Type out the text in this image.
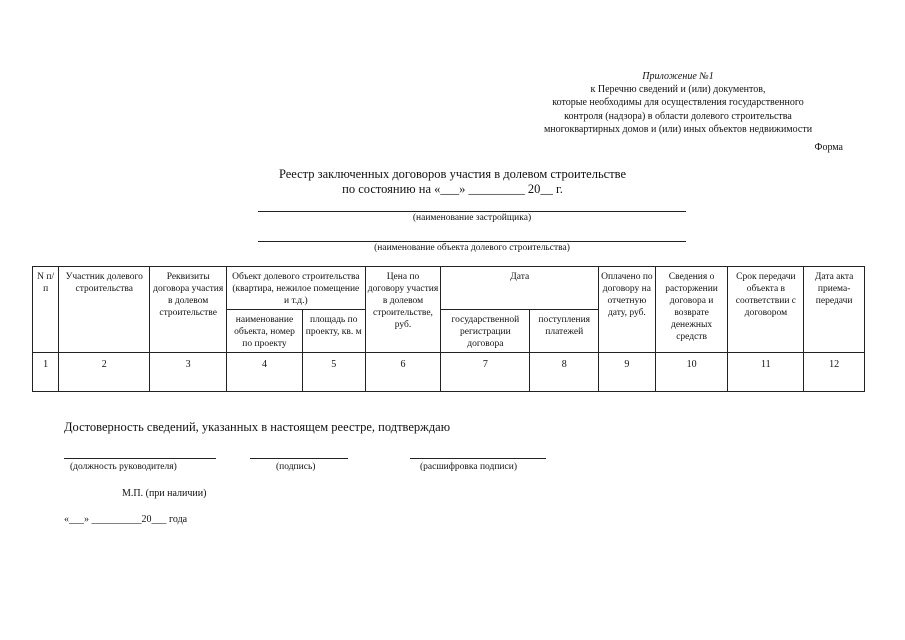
Приложение №1
к Перечню сведений и (или) документов,
которые необходимы для осуществления государственного
контроля (надзора) в области долевого строительства
многоквартирных домов и (или) иных объектов недвижимости
Форма
Реестр заключенных договоров участия в долевом строительстве
по состоянию на «___» _________ 20__ г.
(наименование застройщика)
(наименование объекта долевого строительства)
N п/п	Участник долевого строительства	Реквизиты договора участия в долевом строительстве	Объект долевого строительства (квартира, нежилое помещение и т.д.)		Цена по договору участия в долевом строительстве, руб.	Дата		Оплачено по договору на отчетную дату, руб.	Сведения о расторжении договора и возврате денежных средств	Срок передачи объекта в соответствии с договором	Дата акта приема-передачи
			наименование объекта, номер по проекту	площадь по проекту, кв. м		государственной регистрации договора	поступления платежей				
1	2	3	4	5	6	7	8	9	10	11	12
Достоверность сведений, указанных в настоящем реестре, подтверждаю
(должность руководителя)	(подпись)	(расшифровка подписи)
М.П. (при наличии)
«___» __________20___ года
